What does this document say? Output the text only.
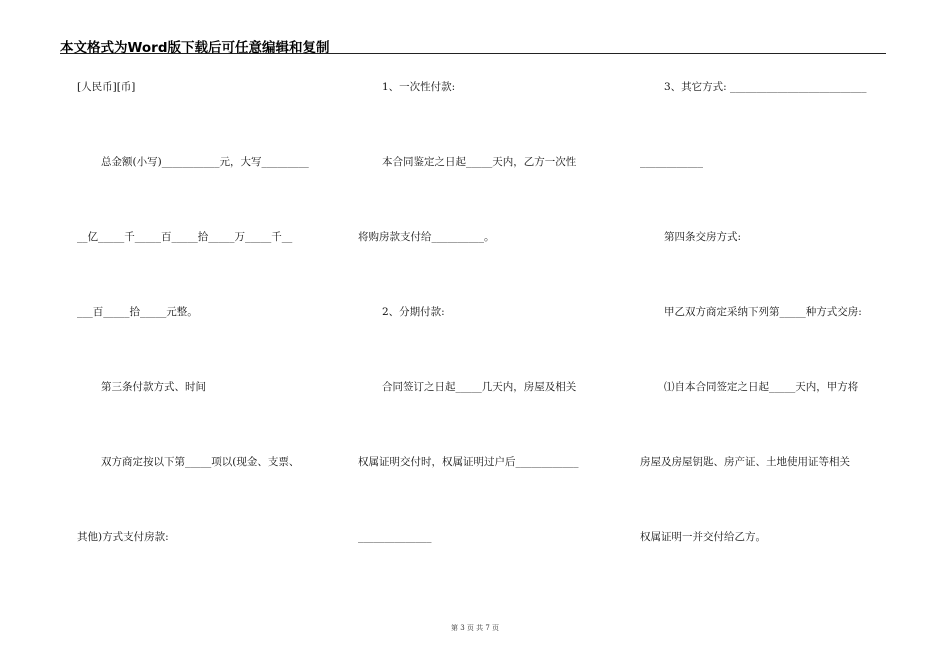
本文格式为Word版下载后可任意编辑和复制
[人民币][币]
总金额(小写)___________元，大写_________
__亿_____千_____百_____拾_____万_____千__
___百_____拾_____元整。
第三条付款方式、时间
双方商定按以下第_____项以(现金、支票、
其他)方式支付房款:
1、一次性付款:
本合同鉴定之日起_____天内，乙方一次性
将购房款支付给__________。
2、分期付款:
合同签订之日起_____几天内，房屋及相关
权属证明交付时，权属证明过户后____________
______________
3、其它方式: __________________________
____________
第四条交房方式:
甲乙双方商定采纳下列第_____种方式交房:
⑴自本合同签定之日起_____天内，甲方将
房屋及房屋钥匙、房产证、土地使用证等相关
权属证明一并交付给乙方。
第 3 页 共 7 页
